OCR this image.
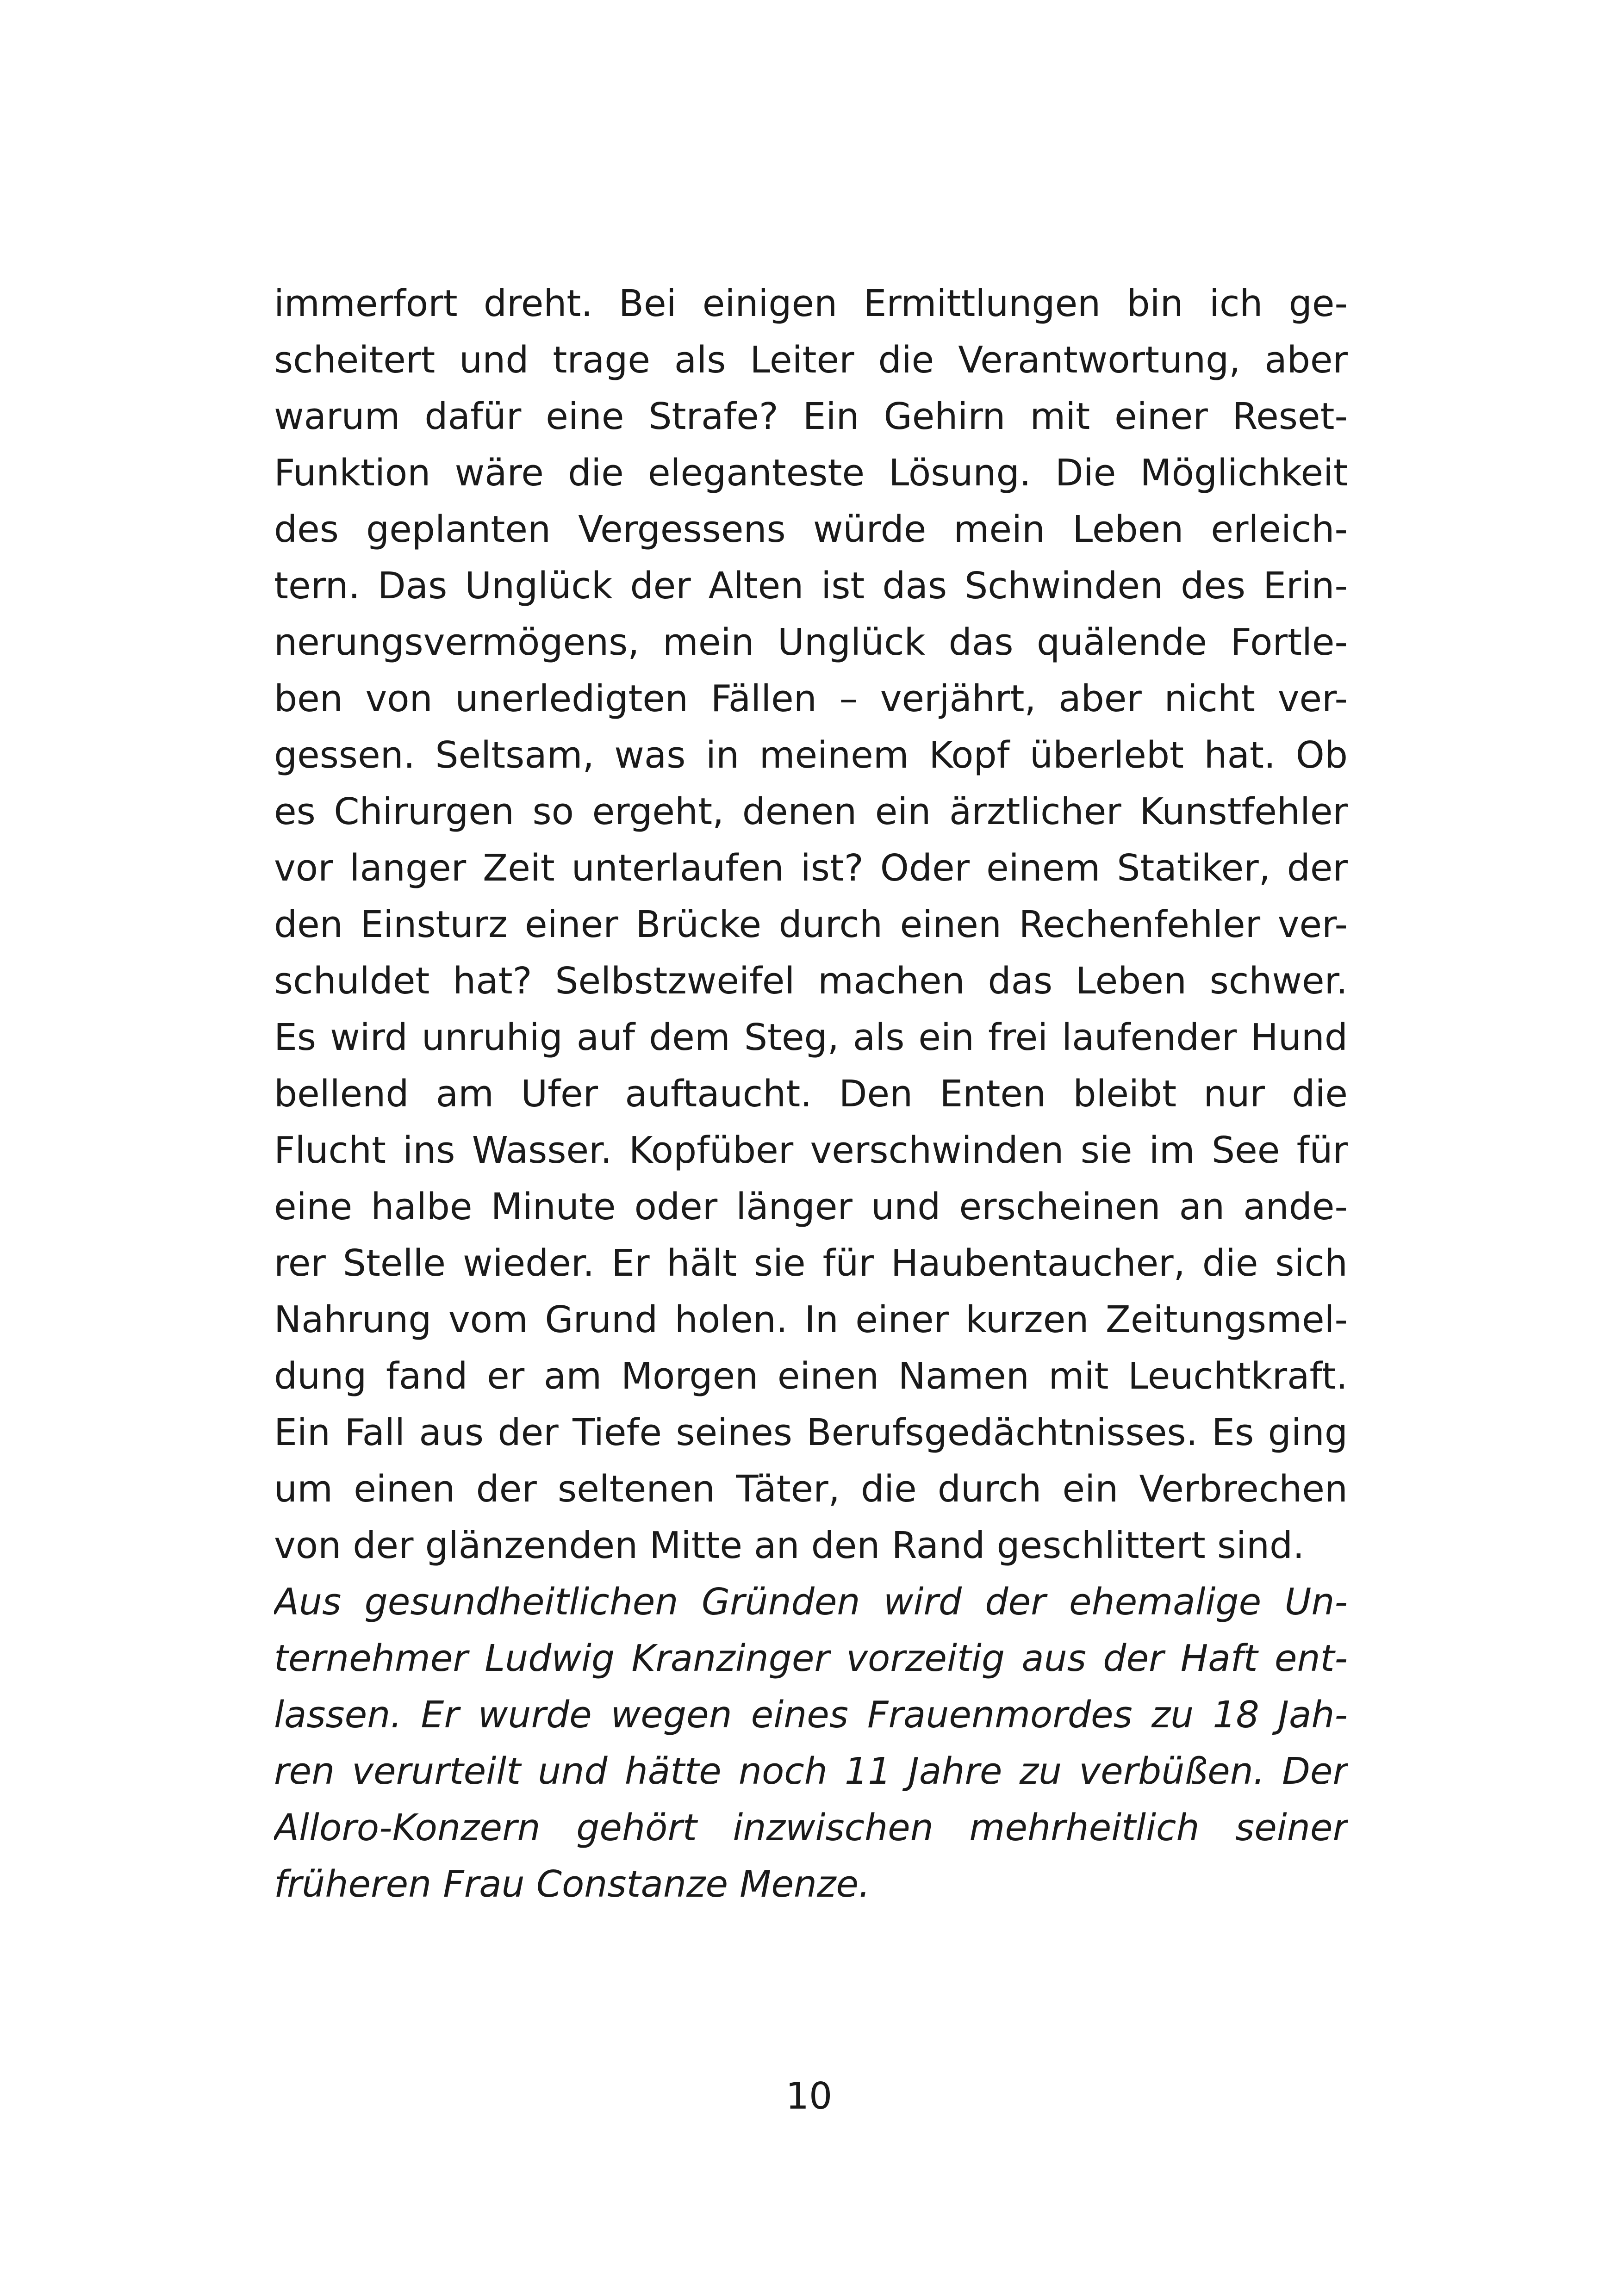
immerfort dreht. Bei einigen Ermittlungen bin ich ge-
scheitert und trage als Leiter die Verantwortung, aber
warum dafür eine Strafe? Ein Gehirn mit einer Reset-
Funktion wäre die eleganteste Lösung. Die Möglichkeit
des geplanten Vergessens würde mein Leben erleich-
tern. Das Unglück der Alten ist das Schwinden des Erin-
nerungsvermögens, mein Unglück das quälende Fortle-
ben von unerledigten Fällen – verjährt, aber nicht ver-
gessen. Seltsam, was in meinem Kopf überlebt hat. Ob
es Chirurgen so ergeht, denen ein ärztlicher Kunstfehler
vor langer Zeit unterlaufen ist? Oder einem Statiker, der
den Einsturz einer Brücke durch einen Rechenfehler ver-
schuldet hat? Selbstzweifel machen das Leben schwer.
Es wird unruhig auf dem Steg, als ein frei laufender Hund
bellend am Ufer auftaucht. Den Enten bleibt nur die
Flucht ins Wasser. Kopfüber verschwinden sie im See für
eine halbe Minute oder länger und erscheinen an ande-
rer Stelle wieder. Er hält sie für Haubentaucher, die sich
Nahrung vom Grund holen. In einer kurzen Zeitungsmel-
dung fand er am Morgen einen Namen mit Leuchtkraft.
Ein Fall aus der Tiefe seines Berufsgedächtnisses. Es ging
um einen der seltenen Täter, die durch ein Verbrechen
von der glänzenden Mitte an den Rand geschlittert sind.
Aus gesundheitlichen Gründen wird der ehemalige Un-
ternehmer Ludwig Kranzinger vorzeitig aus der Haft ent-
lassen. Er wurde wegen eines Frauenmordes zu 18 Jah-
ren verurteilt und hätte noch 11 Jahre zu verbüßen. Der
Alloro-Konzern gehört inzwischen mehrheitlich seiner
früheren Frau Constanze Menze.
10
